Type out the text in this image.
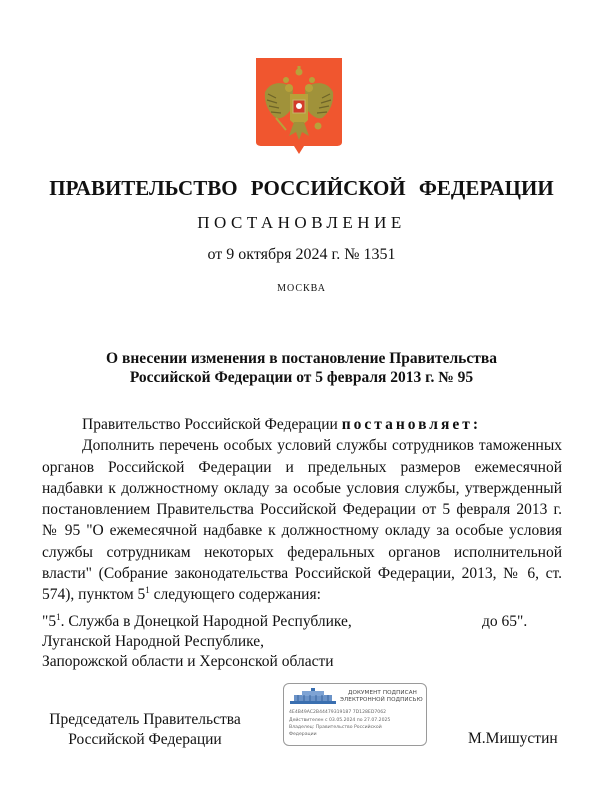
ПРАВИТЕЛЬСТВО РОССИЙСКОЙ ФЕДЕРАЦИИ
ПОСТАНОВЛЕНИЕ
от 9 октября 2024 г. № 1351
МОСКВА
О внесении изменения в постановление Правительства
Российской Федерации от 5 февраля 2013 г. № 95

Правительство Российской Федерации постановляет:

Дополнить перечень особых условий службы сотрудников таможенных органов Российской Федерации и предельных размеров ежемесячной надбавки к должностному окладу за особые условия службы, утвержденный постановлением Правительства Российской Федерации от 5 февраля 2013 г. № 95 "О ежемесячной надбавке к должностному окладу за особые условия службы сотрудникам некоторых федеральных органов исполнительной власти" (Собрание законодательства Российской Федерации, 2013, № 6, ст. 574), пунктом $5^1$ следующего содержания:

"$5^1$. Служба в Донецкой Народной Республике,
Луганской Народной Республике,
Запорожской области и Херсонской области
до 65".
Председатель Правительства
Российской Федерации
ДОКУМЕНТ ПОДПИСАН
ЭЛЕКТРОННОЙ ПОДПИСЬЮ
4E4B49AC2B44479319187 7D128ED7062
Действителен с 03.05.2024 по 27.07.2025
Владелец: Правительство Российской
Федерации	М.Мишустин
